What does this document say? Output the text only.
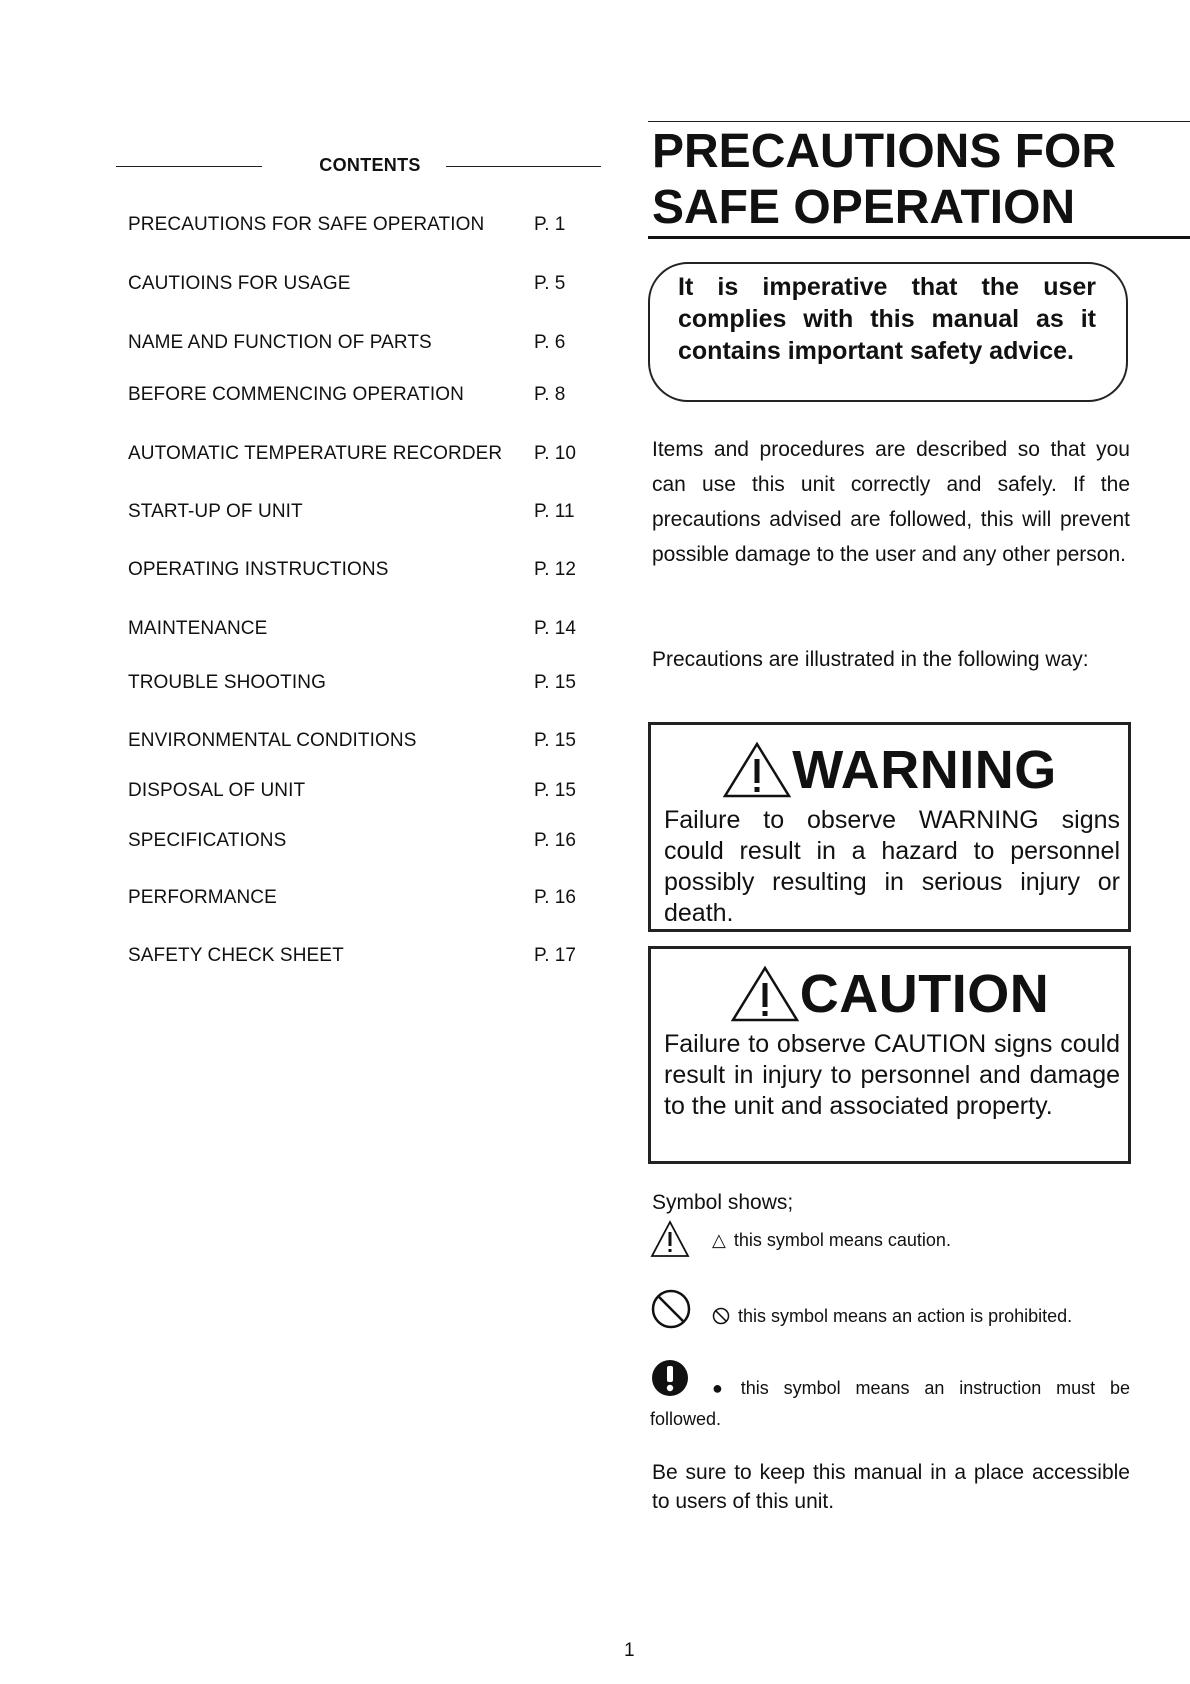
CONTENTS
PRECAUTIONS FOR SAFE OPERATION	P. 1
CAUTIOINS FOR USAGE	P. 5
NAME AND FUNCTION OF PARTS	P. 6
BEFORE COMMENCING OPERATION	P. 8
AUTOMATIC TEMPERATURE RECORDER P. 10
START-UP OF UNIT	P. 11
OPERATING INSTRUCTIONS	P. 12
MAINTENANCE	P. 14
TROUBLE SHOOTING	P. 15
ENVIRONMENTAL CONDITIONS	P. 15
DISPOSAL OF UNIT	P. 15
SPECIFICATIONS	P. 16
PERFORMANCE	P. 16
SAFETY CHECK SHEET	P. 17
PRECAUTIONS FOR
SAFE OPERATION
It is imperative that the user complies with this manual as it contains important safety advice.
Items and procedures are described so that you can use this unit correctly and safely. If the precautions advised are followed, this will prevent possible damage to the user and any other person.
Precautions are illustrated in the following way:
WARNING
Failure to observe WARNING signs could result in a hazard to personnel possibly resulting in serious injury or death.
CAUTION
Failure to observe CAUTION signs could result in injury to personnel and damage to the unit and associated property.
Symbol shows;
△ this symbol means caution.
this symbol means an action is prohibited.
● this symbol means an instruction must be followed.
Be sure to keep this manual in a place accessible to users of this unit.
1
